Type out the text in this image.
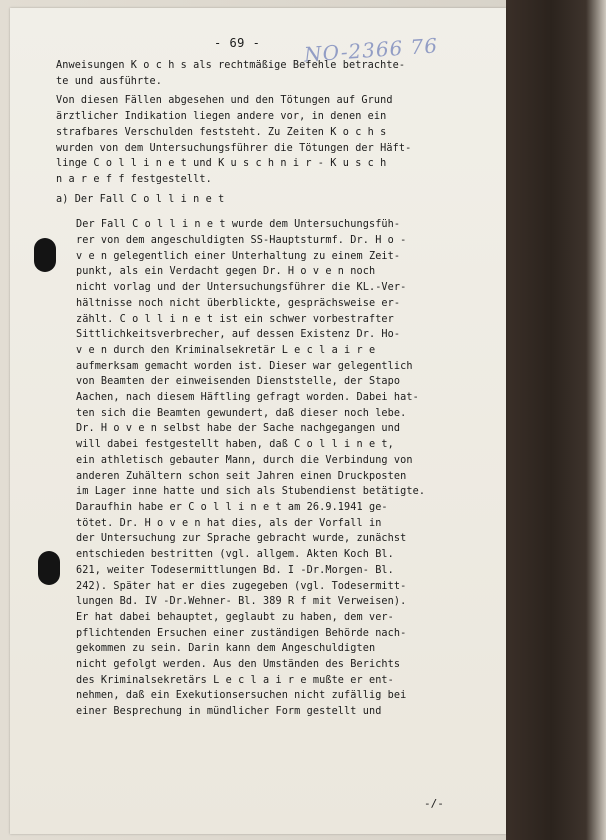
- 69 - NO-2366 76
Anweisungen K o c h s als rechtmäßige Befehle betrachte-
te und ausführte.
Von diesen Fällen abgesehen und den Tötungen auf Grund
ärztlicher Indikation liegen andere vor, in denen ein
strafbares Verschulden feststeht. Zu Zeiten K o c h s
wurden von dem Untersuchungsführer die Tötungen der Häft-
linge C o l l i n e t und K u s c h n i r - K u s c h
n a r e f f festgestellt.
a) Der Fall C o l l i n e t
Der Fall C o l l i n e t wurde dem Untersuchungsfüh-
rer von dem angeschuldigten SS-Hauptsturmf. Dr. H o -
v e n gelegentlich einer Unterhaltung zu einem Zeit-
punkt, als ein Verdacht gegen Dr. H o v e n noch
nicht vorlag und der Untersuchungsführer die KL.-Ver-
hältnisse noch nicht überblickte, gesprächsweise er-
zählt. C o l l i n e t ist ein schwer vorbestrafter
Sittlichkeitsverbrecher, auf dessen Existenz Dr. Ho-
v e n durch den Kriminalsekretär L e c l a i r e
aufmerksam gemacht worden ist. Dieser war gelegentlich
von Beamten der einweisenden Dienststelle, der Stapo
Aachen, nach diesem Häftling gefragt worden. Dabei hat-
ten sich die Beamten gewundert, daß dieser noch lebe.
Dr. H o v e n selbst habe der Sache nachgegangen und
will dabei festgestellt haben, daß C o l l i n e t,
ein athletisch gebauter Mann, durch die Verbindung von
anderen Zuhältern schon seit Jahren einen Druckposten
im Lager inne hatte und sich als Stubendienst betätigte.
Daraufhin habe er C o l l i n e t am 26.9.1941 ge-
tötet. Dr. H o v e n hat dies, als der Vorfall in
der Untersuchung zur Sprache gebracht wurde, zunächst
entschieden bestritten (vgl. allgem. Akten Koch Bl.
621, weiter Todesermittlungen Bd. I -Dr.Morgen- Bl.
242). Später hat er dies zugegeben (vgl. Todesermitt-
lungen Bd. IV -Dr.Wehner- Bl. 389 R f mit Verweisen).
Er hat dabei behauptet, geglaubt zu haben, dem ver-
pflichtenden Ersuchen einer zuständigen Behörde nach-
gekommen zu sein. Darin kann dem Angeschuldigten
nicht gefolgt werden. Aus den Umständen des Berichts
des Kriminalsekretärs L e c l a i r e mußte er ent-
nehmen, daß ein Exekutionsersuchen nicht zufällig bei
einer Besprechung in mündlicher Form gestellt und
-/-
